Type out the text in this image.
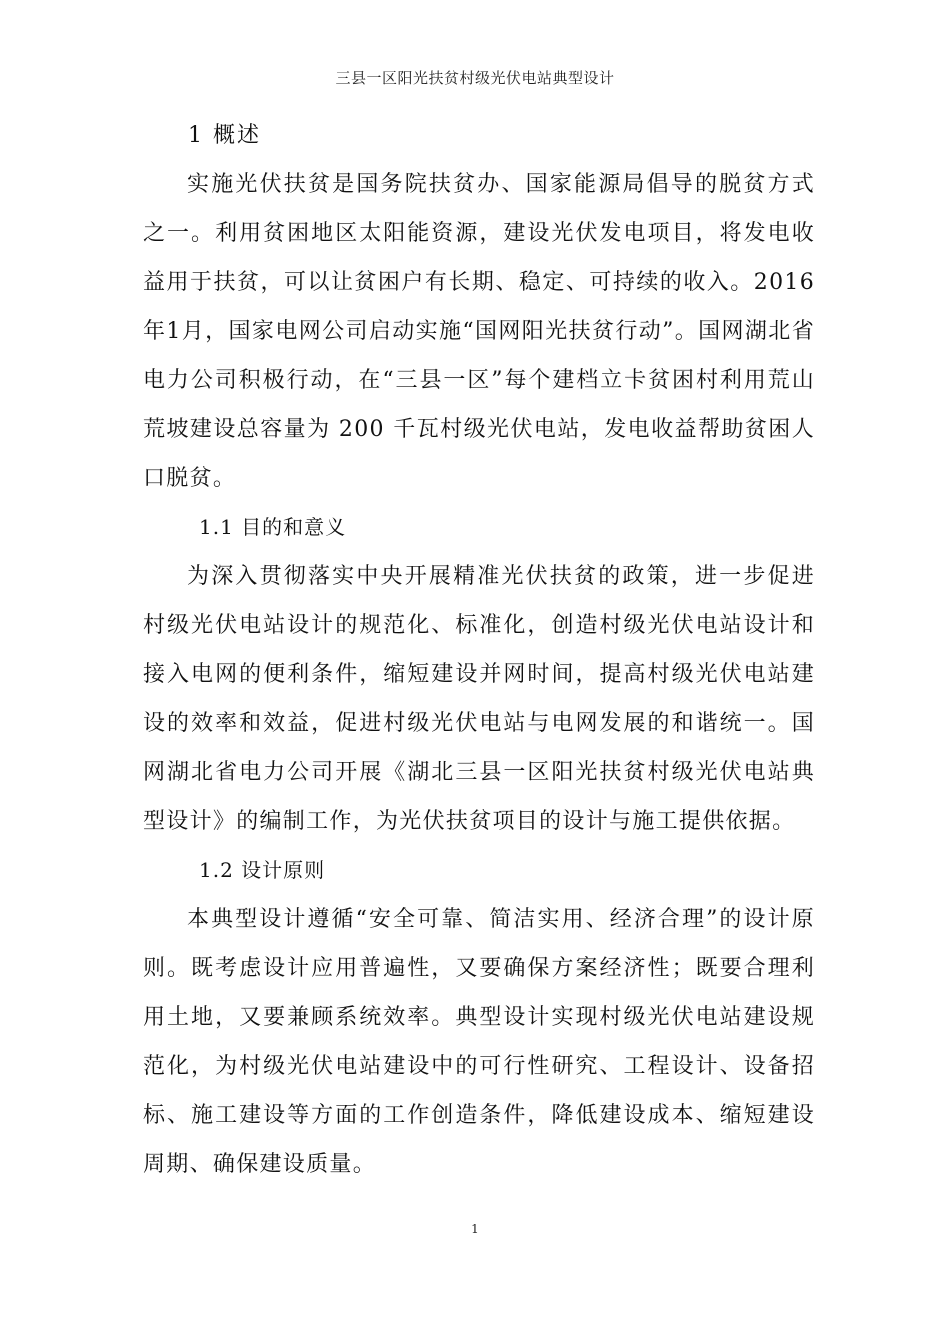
三县一区阳光扶贫村级光伏电站典型设计
1 概述

实施光伏扶贫是国务院扶贫办、国家能源局倡导的脱贫方式之一。利用贫困地区太阳能资源，建设光伏发电项目，将发电收益用于扶贫，可以让贫困户有长期、稳定、可持续的收入。2016年1月，国家电网公司启动实施“国网阳光扶贫行动”。国网湖北省电力公司积极行动，在“三县一区”每个建档立卡贫困村利用荒山荒坡建设总容量为 200 千瓦村级光伏电站，发电收益帮助贫困人口脱贫。

1.1 目的和意义

为深入贯彻落实中央开展精准光伏扶贫的政策，进一步促进村级光伏电站设计的规范化、标准化，创造村级光伏电站设计和接入电网的便利条件，缩短建设并网时间，提高村级光伏电站建设的效率和效益，促进村级光伏电站与电网发展的和谐统一。国网湖北省电力公司开展《湖北三县一区阳光扶贫村级光伏电站典型设计》的编制工作，为光伏扶贫项目的设计与施工提供依据。

1.2 设计原则

本典型设计遵循“安全可靠、简洁实用、经济合理”的设计原则。既考虑设计应用普遍性，又要确保方案经济性；既要合理利用土地，又要兼顾系统效率。典型设计实现村级光伏电站建设规范化，为村级光伏电站建设中的可行性研究、工程设计、设备招标、施工建设等方面的工作创造条件，降低建设成本、缩短建设周期、确保建设质量。

1
